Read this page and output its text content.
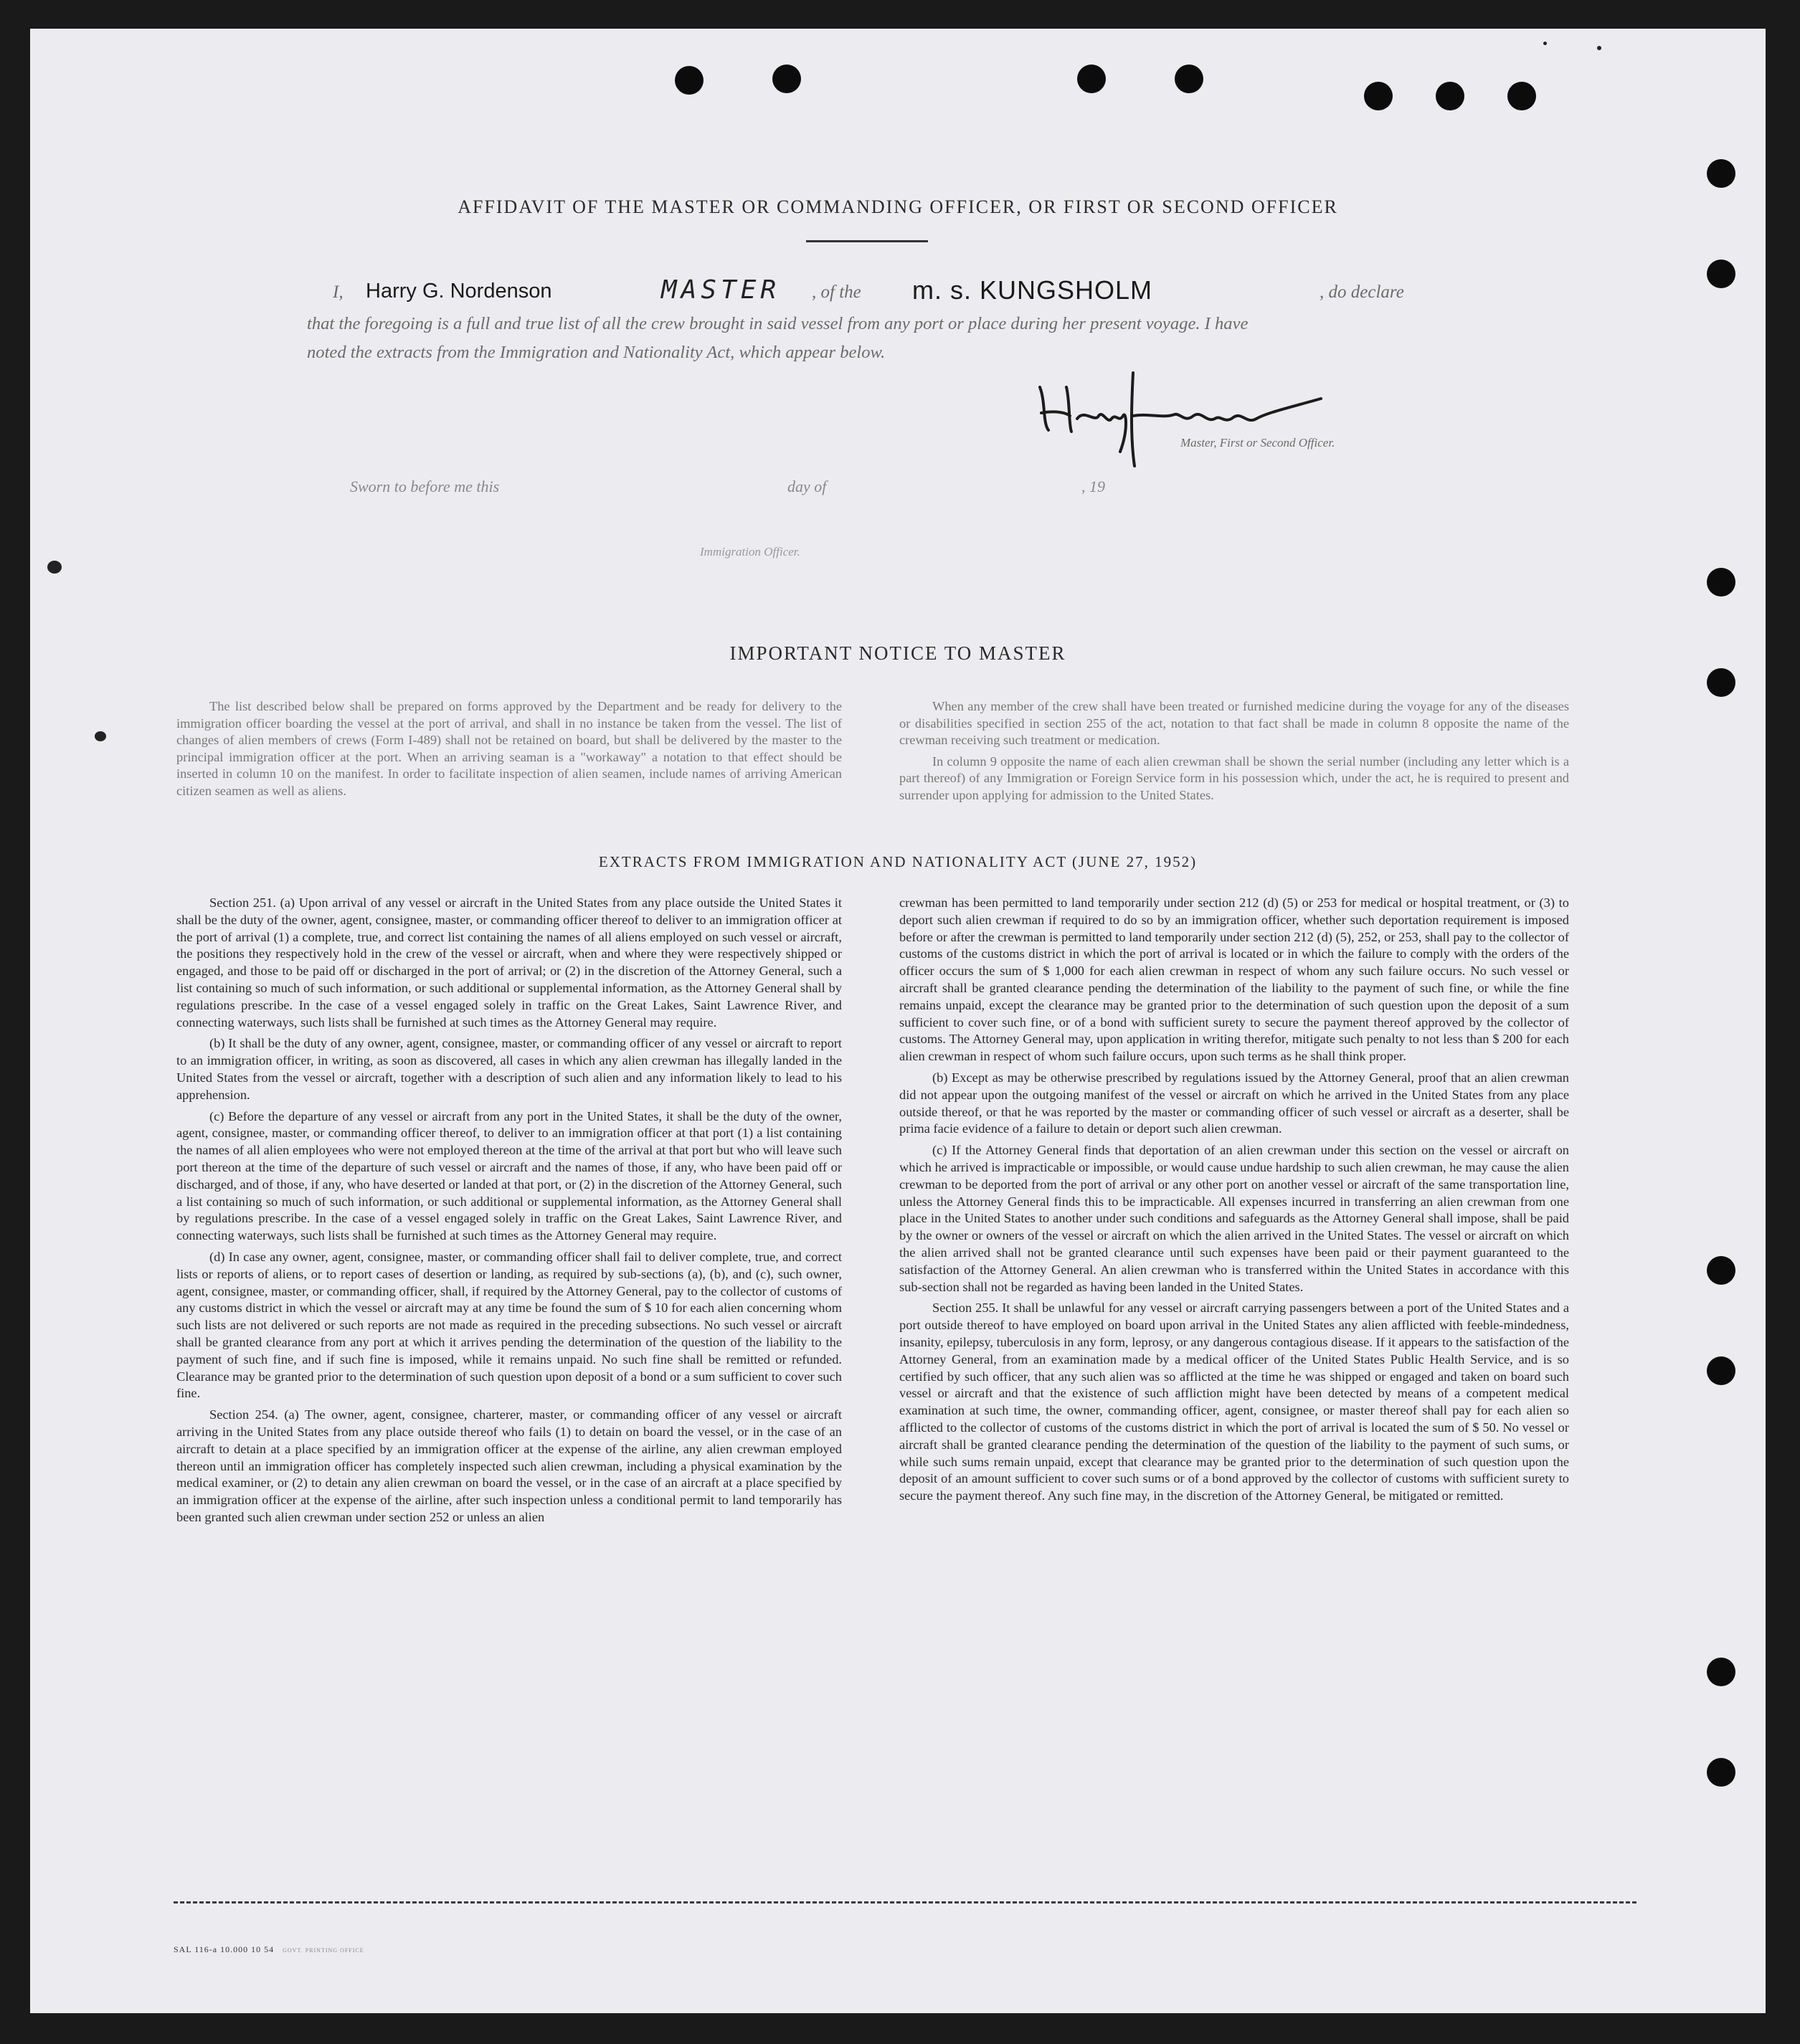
AFFIDAVIT OF THE MASTER OR COMMANDING OFFICER, OR FIRST OR SECOND OFFICER
I, Harry G. Nordenson	MASTER , of the m. s. KUNGSHOLM	, do declare
that the foregoing is a full and true list of all the crew brought in said vessel from any port or place during her present voyage. I have
noted the extracts from the Immigration and Nationality Act, which appear below.
Master, First or Second Officer.
Sworn to before me this	day of	, 19
Immigration Officer.
IMPORTANT NOTICE TO MASTER

The list described below shall be prepared on forms approved by the Department and be ready for delivery to the immigration officer boarding the vessel at the port of arrival, and shall in no instance be taken from the vessel. The list of changes of alien members of crews (Form I-489) shall not be retained on board, but shall be delivered by the master to the principal immigration officer at the port. When an arriving seaman is a "workaway" a notation to that effect should be inserted in column 10 on the manifest. In order to facilitate inspection of alien seamen, include names of arriving American citizen seamen as well as aliens.

When any member of the crew shall have been treated or furnished medicine during the voyage for any of the diseases or disabilities specified in section 255 of the act, notation to that fact shall be made in column 8 opposite the name of the crewman receiving such treatment or medication.

In column 9 opposite the name of each alien crewman shall be shown the serial number (including any letter which is a part thereof) of any Immigration or Foreign Service form in his possession which, under the act, he is required to present and surrender upon applying for admission to the United States.

EXTRACTS FROM IMMIGRATION AND NATIONALITY ACT (JUNE 27, 1952)

Section 251. (a) Upon arrival of any vessel or aircraft in the United States from any place outside the United States it shall be the duty of the owner, agent, consignee, master, or commanding officer thereof to deliver to an immigration officer at the port of arrival (1) a complete, true, and correct list containing the names of all aliens employed on such vessel or aircraft, the positions they respectively hold in the crew of the vessel or aircraft, when and where they were respectively shipped or engaged, and those to be paid off or discharged in the port of arrival; or (2) in the discretion of the Attorney General, such a list containing so much of such information, or such additional or supplemental information, as the Attorney General shall by regulations prescribe. In the case of a vessel engaged solely in traffic on the Great Lakes, Saint Lawrence River, and connecting waterways, such lists shall be furnished at such times as the Attorney General may require.

(b) It shall be the duty of any owner, agent, consignee, master, or commanding officer of any vessel or aircraft to report to an immigration officer, in writing, as soon as discovered, all cases in which any alien crewman has illegally landed in the United States from the vessel or aircraft, together with a description of such alien and any information likely to lead to his apprehension.

(c) Before the departure of any vessel or aircraft from any port in the United States, it shall be the duty of the owner, agent, consignee, master, or commanding officer thereof, to deliver to an immigration officer at that port (1) a list containing the names of all alien employees who were not employed thereon at the time of the arrival at that port but who will leave such port thereon at the time of the departure of such vessel or aircraft and the names of those, if any, who have been paid off or discharged, and of those, if any, who have deserted or landed at that port, or (2) in the discretion of the Attorney General, such a list containing so much of such information, or such additional or supplemental information, as the Attorney General shall by regulations prescribe. In the case of a vessel engaged solely in traffic on the Great Lakes, Saint Lawrence River, and connecting waterways, such lists shall be furnished at such times as the Attorney General may require.

(d) In case any owner, agent, consignee, master, or commanding officer shall fail to deliver complete, true, and correct lists or reports of aliens, or to report cases of desertion or landing, as required by sub-sections (a), (b), and (c), such owner, agent, consignee, master, or commanding officer, shall, if required by the Attorney General, pay to the collector of customs of any customs district in which the vessel or aircraft may at any time be found the sum of $ 10 for each alien concerning whom such lists are not delivered or such reports are not made as required in the preceding subsections. No such vessel or aircraft shall be granted clearance from any port at which it arrives pending the determination of the question of the liability to the payment of such fine, and if such fine is imposed, while it remains unpaid. No such fine shall be remitted or refunded. Clearance may be granted prior to the determination of such question upon deposit of a bond or a sum sufficient to cover such fine.

Section 254. (a) The owner, agent, consignee, charterer, master, or commanding officer of any vessel or aircraft arriving in the United States from any place outside thereof who fails (1) to detain on board the vessel, or in the case of an aircraft to detain at a place specified by an immigration officer at the expense of the airline, any alien crewman employed thereon until an immigration officer has completely inspected such alien crewman, including a physical examination by the medical examiner, or (2) to detain any alien crewman on board the vessel, or in the case of an aircraft at a place specified by an immigration officer at the expense of the airline, after such inspection unless a conditional permit to land temporarily has been granted such alien crewman under section 252 or unless an alien

crewman has been permitted to land temporarily under section 212 (d) (5) or 253 for medical or hospital treatment, or (3) to deport such alien crewman if required to do so by an immigration officer, whether such deportation requirement is imposed before or after the crewman is permitted to land temporarily under section 212 (d) (5), 252, or 253, shall pay to the collector of customs of the customs district in which the port of arrival is located or in which the failure to comply with the orders of the officer occurs the sum of $ 1,000 for each alien crewman in respect of whom any such failure occurs. No such vessel or aircraft shall be granted clearance pending the determination of the liability to the payment of such fine, or while the fine remains unpaid, except the clearance may be granted prior to the determination of such question upon the deposit of a sum sufficient to cover such fine, or of a bond with sufficient surety to secure the payment thereof approved by the collector of customs. The Attorney General may, upon application in writing therefor, mitigate such penalty to not less than $ 200 for each alien crewman in respect of whom such failure occurs, upon such terms as he shall think proper.

(b) Except as may be otherwise prescribed by regulations issued by the Attorney General, proof that an alien crewman did not appear upon the outgoing manifest of the vessel or aircraft on which he arrived in the United States from any place outside thereof, or that he was reported by the master or commanding officer of such vessel or aircraft as a deserter, shall be prima facie evidence of a failure to detain or deport such alien crewman.

(c) If the Attorney General finds that deportation of an alien crewman under this section on the vessel or aircraft on which he arrived is impracticable or impossible, or would cause undue hardship to such alien crewman, he may cause the alien crewman to be deported from the port of arrival or any other port on another vessel or aircraft of the same transportation line, unless the Attorney General finds this to be impracticable. All expenses incurred in transferring an alien crewman from one place in the United States to another under such conditions and safeguards as the Attorney General shall impose, shall be paid by the owner or owners of the vessel or aircraft on which the alien arrived in the United States. The vessel or aircraft on which the alien arrived shall not be granted clearance until such expenses have been paid or their payment guaranteed to the satisfaction of the Attorney General. An alien crewman who is transferred within the United States in accordance with this sub-section shall not be regarded as having been landed in the United States.

Section 255. It shall be unlawful for any vessel or aircraft carrying passengers between a port of the United States and a port outside thereof to have employed on board upon arrival in the United States any alien afflicted with feeble-mindedness, insanity, epilepsy, tuberculosis in any form, leprosy, or any dangerous contagious disease. If it appears to the satisfaction of the Attorney General, from an examination made by a medical officer of the United States Public Health Service, and is so certified by such officer, that any such alien was so afflicted at the time he was shipped or engaged and taken on board such vessel or aircraft and that the existence of such affliction might have been detected by means of a competent medical examination at such time, the owner, commanding officer, agent, consignee, or master thereof shall pay for each alien so afflicted to the collector of customs of the customs district in which the port of arrival is located the sum of $ 50. No vessel or aircraft shall be granted clearance pending the determination of the question of the liability to the payment of such sums, or while such sums remain unpaid, except that clearance may be granted prior to the determination of such question upon the deposit of an amount sufficient to cover such sums or of a bond approved by the collector of customs with sufficient surety to secure the payment thereof. Any such fine may, in the discretion of the Attorney General, be mitigated or remitted.

SAL 116-a 10.000 10 54 GOVT. PRINTING OFFICE
